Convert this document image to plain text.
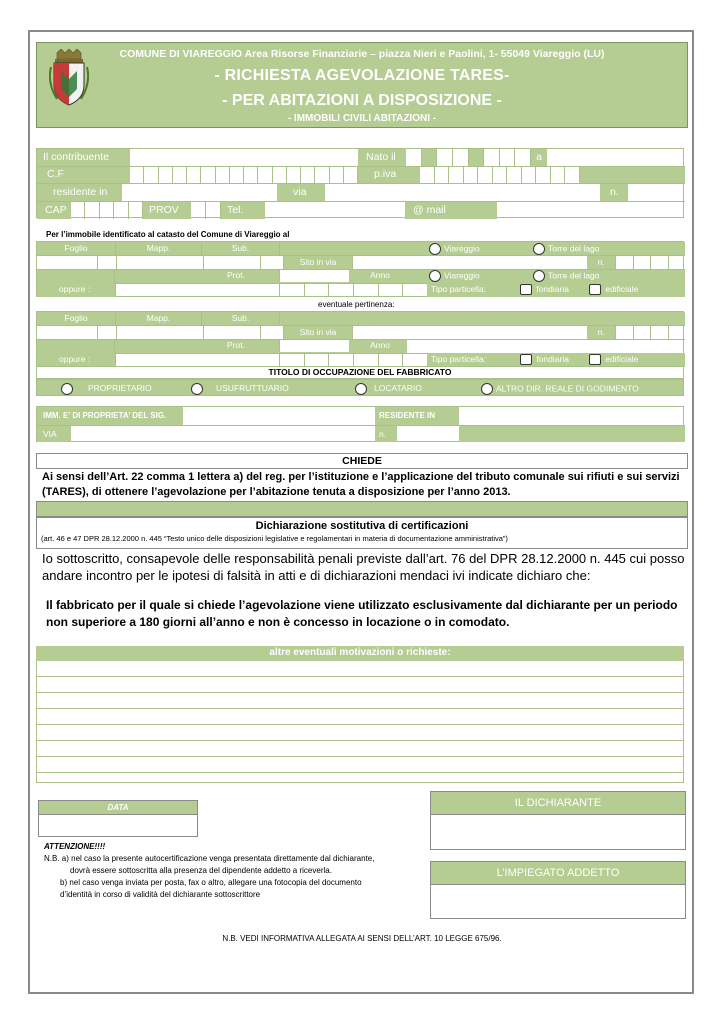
COMUNE DI VIAREGGIO Area Risorse Finanziarie – piazza Nieri e Paolini, 1- 55049 Viareggio (LU)
- RICHIESTA AGEVOLAZIONE TARES-
- PER ABITAZIONI A DISPOSIZIONE -
- IMMOBILI CIVILI ABITAZIONI -
Il contribuente	Nato il	a
C.F	p.iva
residente in	via	n.
CAP	PROV	Tel.	@ mail
Per l’immobile identificato al catasto del Comune di Viareggio al
Foglio	Mapp.	Sub.	Viareggio	Torre del lago
Sito in via	n.
Prot.	Anno	Viareggio	Torre del lago
oppure :	Tipo particella:	fondiaria	edificiale
eventuale pertinenza:
Foglio	Mapp.	Sub.
Sito in via	n.
Prot.	Anno
oppure :	Tipo particella:	fondiaria	edificiale
TITOLO DI OCCUPAZIONE DEL FABBRICATO
PROPRIETARIO	USUFRUTTUARIO	LOCATARIO	ALTRO DIR. REALE DI GODIMENTO
IMM. E’ DI PROPRIETA’ DEL SIG.	RESIDENTE IN
VIA	n.
CHIEDE
Ai sensi dell’Art. 22 comma 1 lettera a) del reg. per l’istituzione e l’applicazione del tributo comunale sui rifiuti e sui servizi
(TARES), di ottenere l’agevolazione per l’abitazione tenuta a disposizione per l’anno 2013.
Dichiarazione sostitutiva di certificazioni
(art. 46 e 47 DPR 28.12.2000 n. 445 “Testo unico delle disposizioni legislative e regolamentari in materia di documentazione amministrativa”)
Io sottoscritto, consapevole delle responsabilità penali previste dall’art. 76 del DPR 28.12.2000 n. 445 cui posso
andare incontro per le ipotesi di falsità in atti e di dichiarazioni mendaci ivi indicate dichiaro che:
Il fabbricato per il quale si chiede l’agevolazione viene utilizzato esclusivamente dal dichiarante per un periodo
non superiore a 180 giorni all’anno e non è concesso in locazione o in comodato.
altre eventuali motivazioni o richieste:
DATA	IL DICHIARANTE
L’IMPIEGATO ADDETTO
ATTENZIONE!!!!
N.B. a) nel caso la presente autocertificazione venga presentata direttamente dal dichiarante,
dovrà essere sottoscritta alla presenza del dipendente addetto a riceverla.
b) nel caso venga inviata per posta, fax o altro, allegare una fotocopia del documento
d’identità in corso di validità del dichiarante sottoscrittore
N.B. VEDI INFORMATIVA ALLEGATA AI SENSI DELL’ART. 10 LEGGE 675/96.
